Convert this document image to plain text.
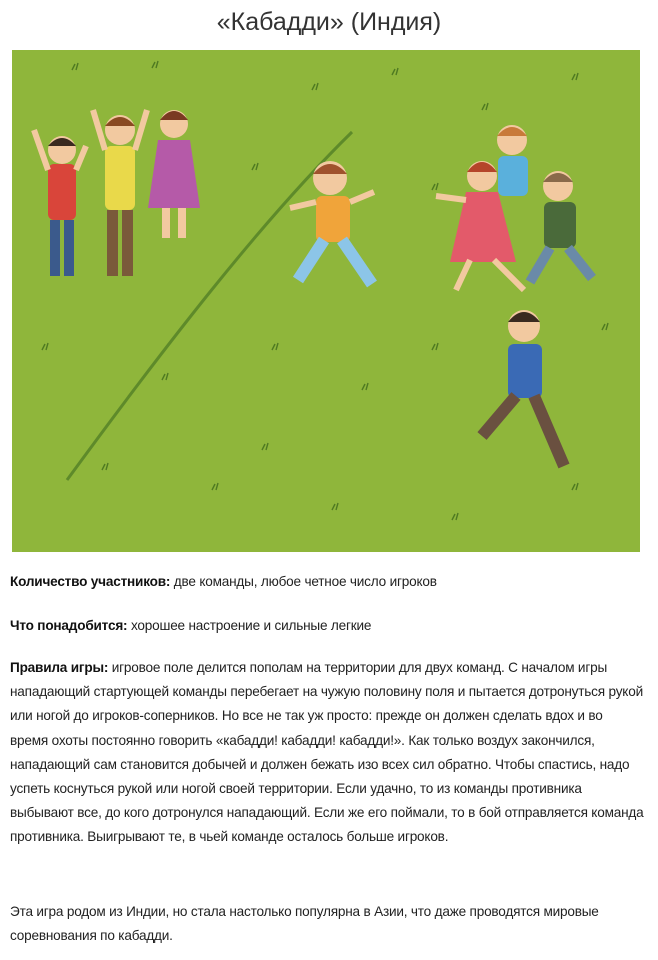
«Кабадди» (Индия)
Количество участников: две команды, любое четное число игроков
Что понадобится: хорошее настроение и сильные легкие
Правила игры: игровое поле делится пополам на территории для двух команд. С началом игры нападающий стартующей команды перебегает на чужую половину поля и пытается дотронуться рукой или ногой до игроков-соперников. Но все не так уж просто: прежде он должен сделать вдох и во время охоты постоянно говорить «кабадди! кабадди! кабадди!». Как только воздух закончился, нападающий сам становится добычей и должен бежать изо всех сил обратно. Чтобы спастись, надо успеть коснуться рукой или ногой своей территории. Если удачно, то из команды противника выбывают все, до кого дотронулся нападающий. Если же его поймали, то в бой отправляется команда противника. Выигрывают те, в чьей команде осталось больше игроков.
Эта игра родом из Индии, но стала настолько популярна в Азии, что даже проводятся мировые соревнования по кабадди.
